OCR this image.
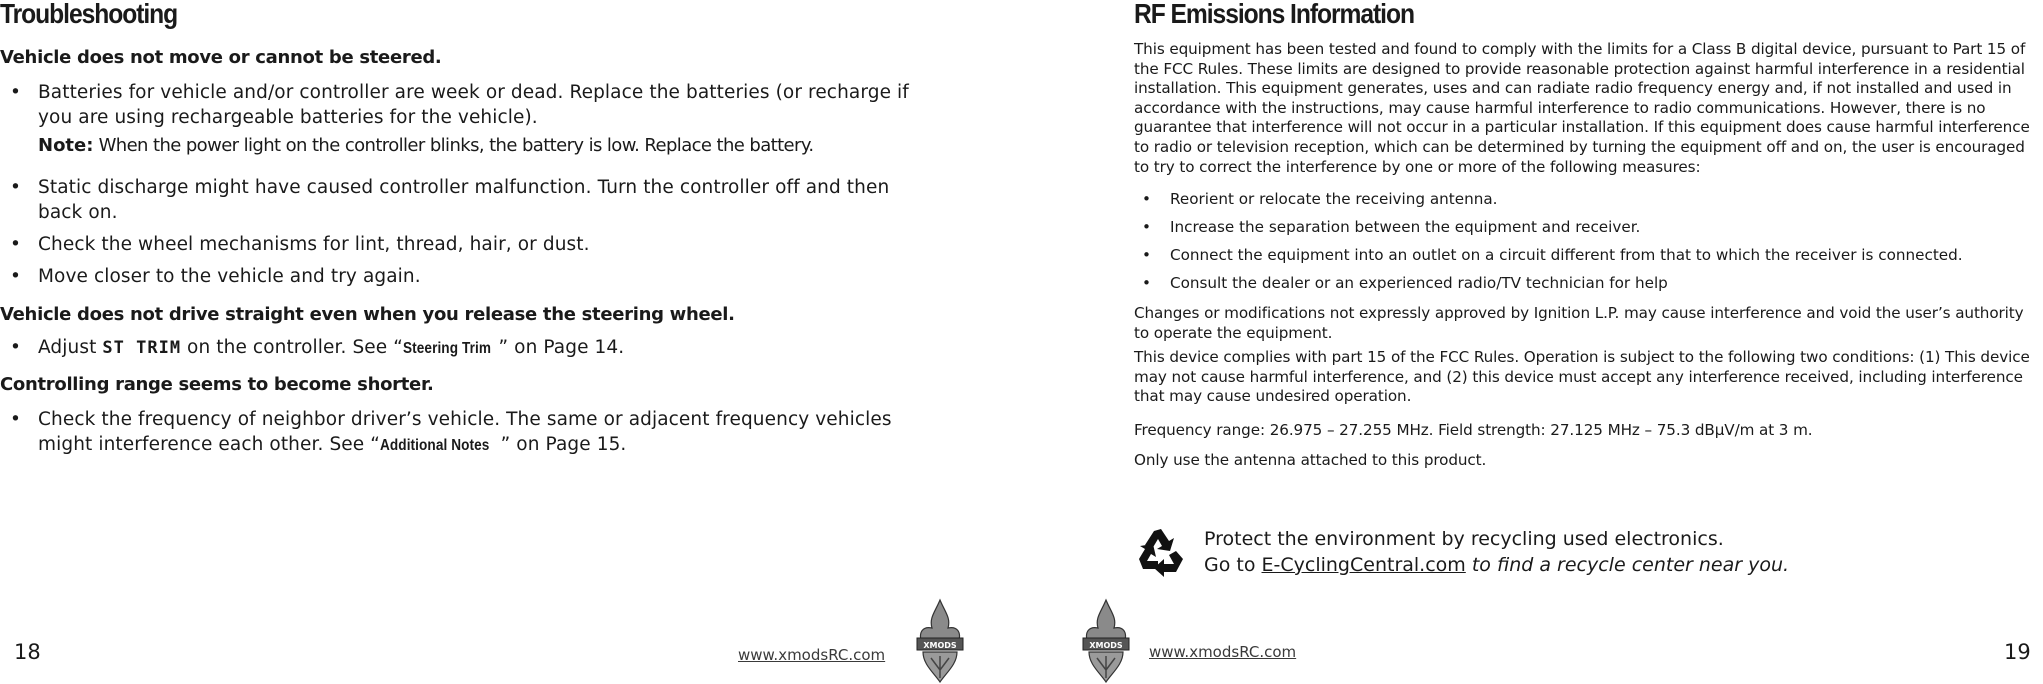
Troubleshooting
Vehicle does not move or cannot be steered.
• Batteries for vehicle and/or controller are week or dead. Replace the batteries (or recharge if you are using rechargeable batteries for the vehicle).
Note: When the power light on the controller blinks, the battery is low. Replace the battery.
• Static discharge might have caused controller malfunction. Turn the controller off and then back on.
• Check the wheel mechanisms for lint, thread, hair, or dust.
• Move closer to the vehicle and try again.
Vehicle does not drive straight even when you release the steering wheel.
• Adjust ST TRIM on the controller. See “Steering Trim ” on Page 14.
Controlling range seems to become shorter.
• Check the frequency of neighbor driver’s vehicle. The same or adjacent frequency vehicles might interference each other. See “Additional Notes ” on Page 15.
18	www.xmodsRC.com
XMODS	XMODS
RF Emissions Information
This equipment has been tested and found to comply with the limits for a Class B digital device, pursuant to Part 15 of the FCC Rules. These limits are designed to provide reasonable protection against harmful interference in a residential installation. This equipment generates, uses and can radiate radio frequency energy and, if not installed and used in accordance with the instructions, may cause harmful interference to radio communications. However, there is no guarantee that interference will not occur in a particular installation. If this equipment does cause harmful interference to radio or television reception, which can be determined by turning the equipment off and on, the user is encouraged to try to correct the interference by one or more of the following measures:
• Reorient or relocate the receiving antenna.
• Increase the separation between the equipment and receiver.
• Connect the equipment into an outlet on a circuit different from that to which the receiver is connected.
• Consult the dealer or an experienced radio/TV technician for help
Changes or modifications not expressly approved by Ignition L.P. may cause interference and void the user’s authority to operate the equipment.
This device complies with part 15 of the FCC Rules. Operation is subject to the following two conditions: (1) This device may not cause harmful interference, and (2) this device must accept any interference received, including interference that may cause undesired operation.
Frequency range: 26.975 – 27.255 MHz. Field strength: 27.125 MHz – 75.3 dBµV/m at 3 m.
Only use the antenna attached to this product.
Protect the environment by recycling used electronics.
Go to E-CyclingCentral.com to find a recycle center near you.
www.xmodsRC.com	19
